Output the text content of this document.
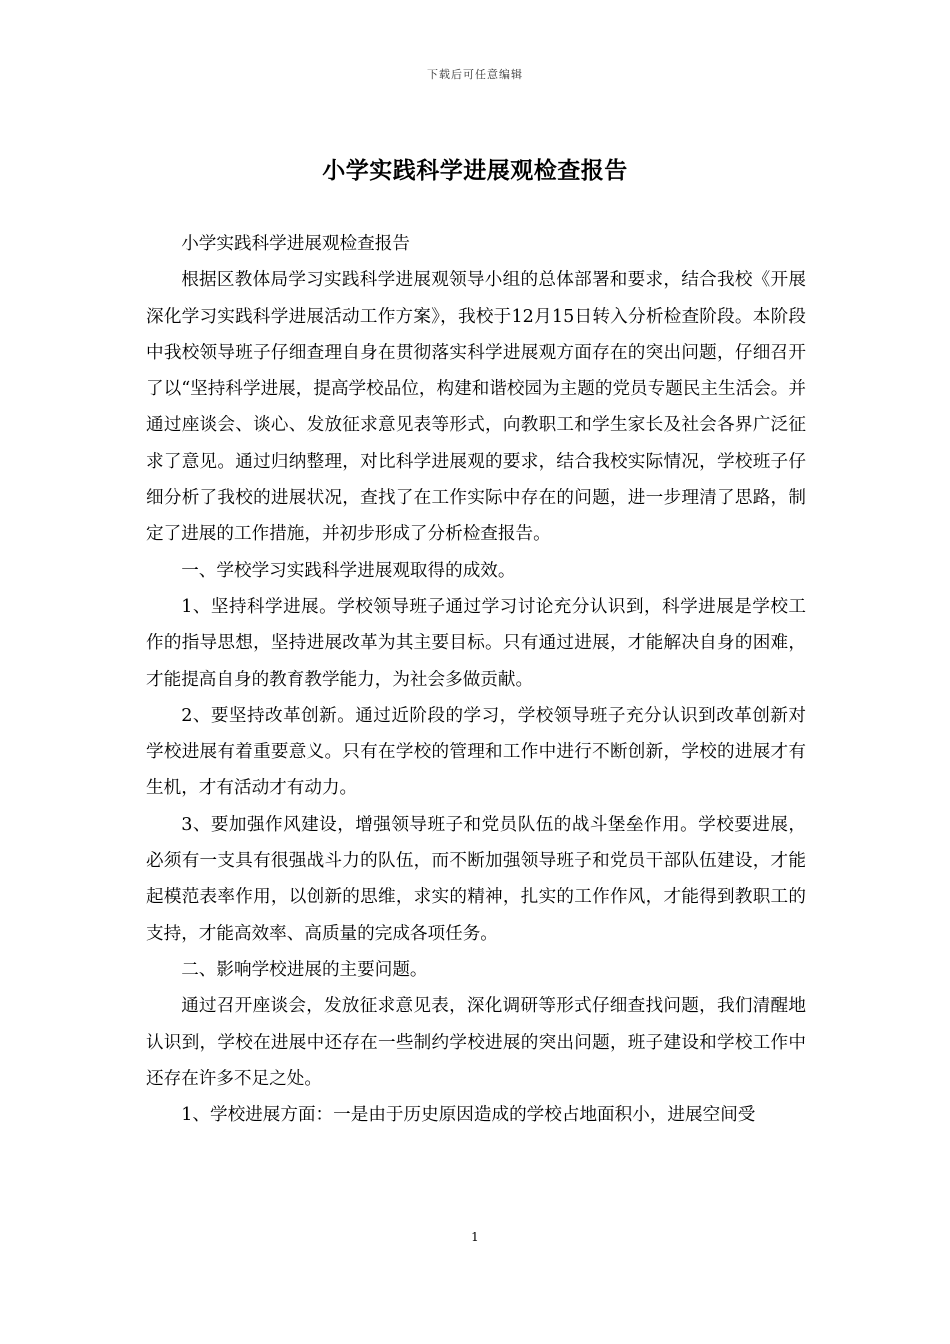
下载后可任意编辑
小学实践科学进展观检查报告

小学实践科学进展观检查报告

根据区教体局学习实践科学进展观领导小组的总体部署和要求，结合我校《开展深化学习实践科学进展活动工作方案》，我校于12月15日转入分析检查阶段。本阶段中我校领导班子仔细查理自身在贯彻落实科学进展观方面存在的突出问题，仔细召开了以“坚持科学进展，提高学校品位，构建和谐校园为主题的党员专题民主生活会。并通过座谈会、谈心、发放征求意见表等形式，向教职工和学生家长及社会各界广泛征求了意见。通过归纳整理，对比科学进展观的要求，结合我校实际情况，学校班子仔细分析了我校的进展状况，查找了在工作实际中存在的问题，进一步理清了思路，制定了进展的工作措施，并初步形成了分析检查报告。

一、学校学习实践科学进展观取得的成效。

1、坚持科学进展。学校领导班子通过学习讨论充分认识到，科学进展是学校工作的指导思想，坚持进展改革为其主要目标。只有通过进展，才能解决自身的困难，才能提高自身的教育教学能力，为社会多做贡献。

2、要坚持改革创新。通过近阶段的学习，学校领导班子充分认识到改革创新对学校进展有着重要意义。只有在学校的管理和工作中进行不断创新，学校的进展才有生机，才有活动才有动力。

3、要加强作风建设，增强领导班子和党员队伍的战斗堡垒作用。学校要进展，必须有一支具有很强战斗力的队伍，而不断加强领导班子和党员干部队伍建设，才能起模范表率作用，以创新的思维，求实的精神，扎实的工作作风，才能得到教职工的支持，才能高效率、高质量的完成各项任务。

二、影响学校进展的主要问题。

通过召开座谈会，发放征求意见表，深化调研等形式仔细查找问题，我们清醒地认识到，学校在进展中还存在一些制约学校进展的突出问题，班子建设和学校工作中还存在许多不足之处。

1、学校进展方面：一是由于历史原因造成的学校占地面积小，进展空间受

1
